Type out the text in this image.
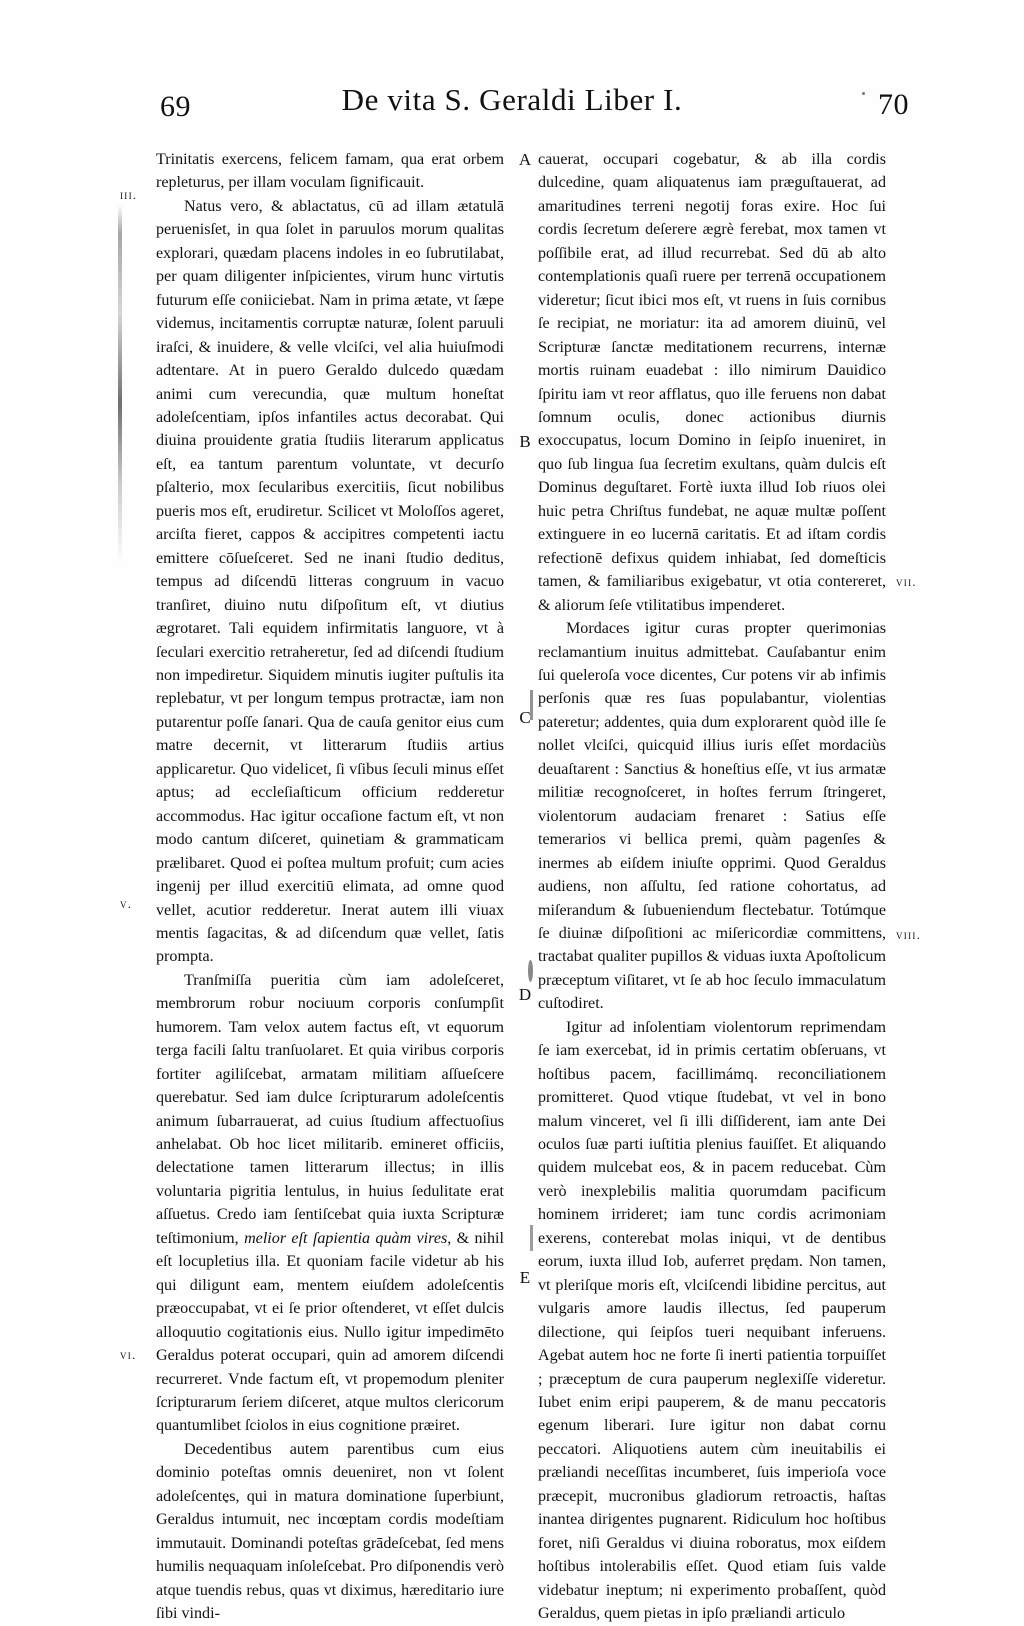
69	De vita S. Geraldi Liber I.	70
iii.
v.
vi.
vii.
viii.
A
B
C
D
E

Trinitatis exercens, felicem famam, qua erat orbem repleturus, per illam voculam ſignificauit.

Natus vero, & ablactatus, cū ad illam ætatulā peruenisſet, in qua ſolet in paruulos morum qualitas explorari, quædam placens indoles in eo ſubrutilabat, per quam diligenter inſpicientes, virum hunc virtutis futurum eſſe coniiciebat. Nam in prima ætate, vt ſæpe videmus, incitamentis corruptæ naturæ, ſolent paruuli iraſci, & inuidere, & velle vlciſci, vel alia huiuſmodi adtentare. At in puero Geraldo dulcedo quædam animi cum verecundia, quæ multum honeſtat adoleſcentiam, ipſos infantiles actus decorabat. Qui diuina prouidente gratia ſtudiis literarum applicatus eſt, ea tantum parentum voluntate, vt decurſo pſalterio, mox ſecularibus exercitiis, ſicut nobilibus pueris mos eſt, erudiretur. Scilicet vt Moloſſos ageret, arciſta fieret, cappos & accipitres competenti iactu emittere cōſueſceret. Sed ne inani ſtudio deditus, tempus ad diſcendū litteras congruum in vacuo tranſiret, diuino nutu diſpoſitum eſt, vt diutius ægrotaret. Tali equidem infirmitatis languore, vt à ſeculari exercitio retraheretur, ſed ad diſcendi ſtudium non impediretur. Siquidem minutis iugiter puſtulis ita replebatur, vt per longum tempus protractæ, iam non putarentur poſſe ſanari. Qua de cauſa genitor eius cum matre decernit, vt litterarum ſtudiis artius applicaretur. Quo videlicet, ſi vſibus ſeculi minus eſſet aptus; ad eccleſiaſticum officium redderetur accommodus. Hac igitur occaſione factum eſt, vt non modo cantum diſceret, quinetiam & grammaticam prælibaret. Quod ei poſtea multum profuit; cum acies ingenij per illud exercitiū elimata, ad omne quod vellet, acutior redderetur. Inerat autem illi viuax mentis ſagacitas, & ad diſcendum quæ vellet, ſatis prompta.

Tranſmiſſa pueritia cùm iam adoleſceret, membrorum robur nociuum corporis conſumpſit humorem. Tam velox autem factus eſt, vt equorum terga facili ſaltu tranſuolaret. Et quia viribus corporis fortiter agiliſcebat, armatam militiam aſſueſcere querebatur. Sed iam dulce ſcripturarum adoleſcentis animum ſubarrauerat, ad cuius ſtudium affectuoſius anhelabat. Ob hoc licet militarib. emineret officiis, delectatione tamen litterarum illectus; in illis voluntaria pigritia lentulus, in huius ſedulitate erat aſſuetus. Credo iam ſentiſcebat quia iuxta Scripturæ teſtimonium, melior eſt ſapientia quàm vires, & nihil eſt locupletius illa. Et quoniam facile videtur ab his qui diligunt eam, mentem eiuſdem adoleſcentis præoccupabat, vt ei ſe prior oſtenderet, vt eſſet dulcis alloquutio cogitationis eius. Nullo igitur impedimēto Geraldus poterat occupari, quin ad amorem diſcendi recurreret. Vnde factum eſt, vt propemodum pleniter ſcripturarum ſeriem diſceret, atque multos clericorum quantumlibet ſciolos in eius cognitione præiret.

Decedentibus autem parentibus cum eius dominio poteſtas omnis deueniret, non vt ſolent adoleſcentes, qui in matura dominatione ſuperbiunt, Geraldus intumuit, nec incœptam cordis modeſtiam immutauit. Dominandi poteſtas grādeſcebat, ſed mens humilis nequaquam inſoleſcebat. Pro diſponendis verò atque tuendis rebus, quas vt diximus, hæreditario iure ſibi vindi-

cauerat, occupari cogebatur, & ab illa cordis dulcedine, quam aliquatenus iam præguſtauerat, ad amaritudines terreni negotij foras exire. Hoc ſui cordis ſecretum deſerere ægrè ferebat, mox tamen vt poſſibile erat, ad illud recurrebat. Sed dū ab alto contemplationis quaſi ruere per terrenā occupationem videretur; ſicut ibici mos eſt, vt ruens in ſuis cornibus ſe recipiat, ne moriatur: ita ad amorem diuinū, vel Scripturæ ſanctæ meditationem recurrens, internæ mortis ruinam euadebat : illo nimirum Dauidico ſpiritu iam vt reor afflatus, quo ille feruens non dabat ſomnum oculis, donec actionibus diurnis exoccupatus, locum Domino in ſeipſo inueniret, in quo ſub lingua ſua ſecretim exultans, quàm dulcis eſt Dominus deguſtaret. Fortè iuxta illud Iob riuos olei huic petra Chriſtus fundebat, ne aquæ multæ poſſent extinguere in eo lucernā caritatis. Et ad iſtam cordis refectionē defixus quidem inhiabat, ſed domeſticis tamen, & familiaribus exigebatur, vt otia contereret, & aliorum ſeſe vtilitatibus impenderet.

Mordaces igitur curas propter querimonias reclamantium inuitus admittebat. Cauſabantur enim ſui queleroſa voce dicentes, Cur potens vir ab infimis perſonis quæ res ſuas populabantur, violentias pateretur; addentes, quia dum explorarent quòd ille ſe nollet vlciſci, quicquid illius iuris eſſet mordaciùs deuaſtarent : Sanctius & honeſtius eſſe, vt ius armatæ militiæ recognoſceret, in hoſtes ferrum ſtringeret, violentorum audaciam frenaret : Satius eſſe temerarios vi bellica premi, quàm pagenſes & inermes ab eiſdem iniuſte opprimi. Quod Geraldus audiens, non aſſultu, ſed ratione cohortatus, ad miſerandum & ſubueniendum flectebatur. Totúmque ſe diuinæ diſpoſitioni ac miſericordiæ committens, tractabat qualiter pupillos & viduas iuxta Apoſtolicum præceptum viſitaret, vt ſe ab hoc ſeculo immaculatum cuſtodiret.

Igitur ad inſolentiam violentorum reprimendam ſe iam exercebat, id in primis certatim obſeruans, vt hoſtibus pacem, facillimámq. reconciliationem promitteret. Quod vtique ſtudebat, vt vel in bono malum vinceret, vel ſi illi diſſiderent, iam ante Dei oculos ſuæ parti iuſtitia plenius fauiſſet. Et aliquando quidem mulcebat eos, & in pacem reducebat. Cùm verò inexplebilis malitia quorumdam pacificum hominem irrideret; iam tunc cordis acrimoniam exerens, conterebat molas iniqui, vt de dentibus eorum, iuxta illud Iob, auferret prędam. Non tamen, vt pleriſque moris eſt, vlciſcendi libidine percitus, aut vulgaris amore laudis illectus, ſed pauperum dilectione, qui ſeipſos tueri nequibant inferuens. Agebat autem hoc ne forte ſi inerti patientia torpuiſſet ; præceptum de cura pauperum neglexiſſe videretur. Iubet enim eripi pauperem, & de manu peccatoris egenum liberari. Iure igitur non dabat cornu peccatori. Aliquotiens autem cùm ineuitabilis ei præliandi neceſſitas incumberet, ſuis imperioſa voce præcepit, mucronibus gladiorum retroactis, haſtas inantea dirigentes pugnarent. Ridiculum hoc hoſtibus foret, niſi Geraldus vi diuina roboratus, mox eiſdem hoſtibus intolerabilis eſſet. Quod etiam ſuis valde videbatur ineptum; ni experimento probaſſent, quòd Geraldus, quem pietas in ipſo præliandi articulo
